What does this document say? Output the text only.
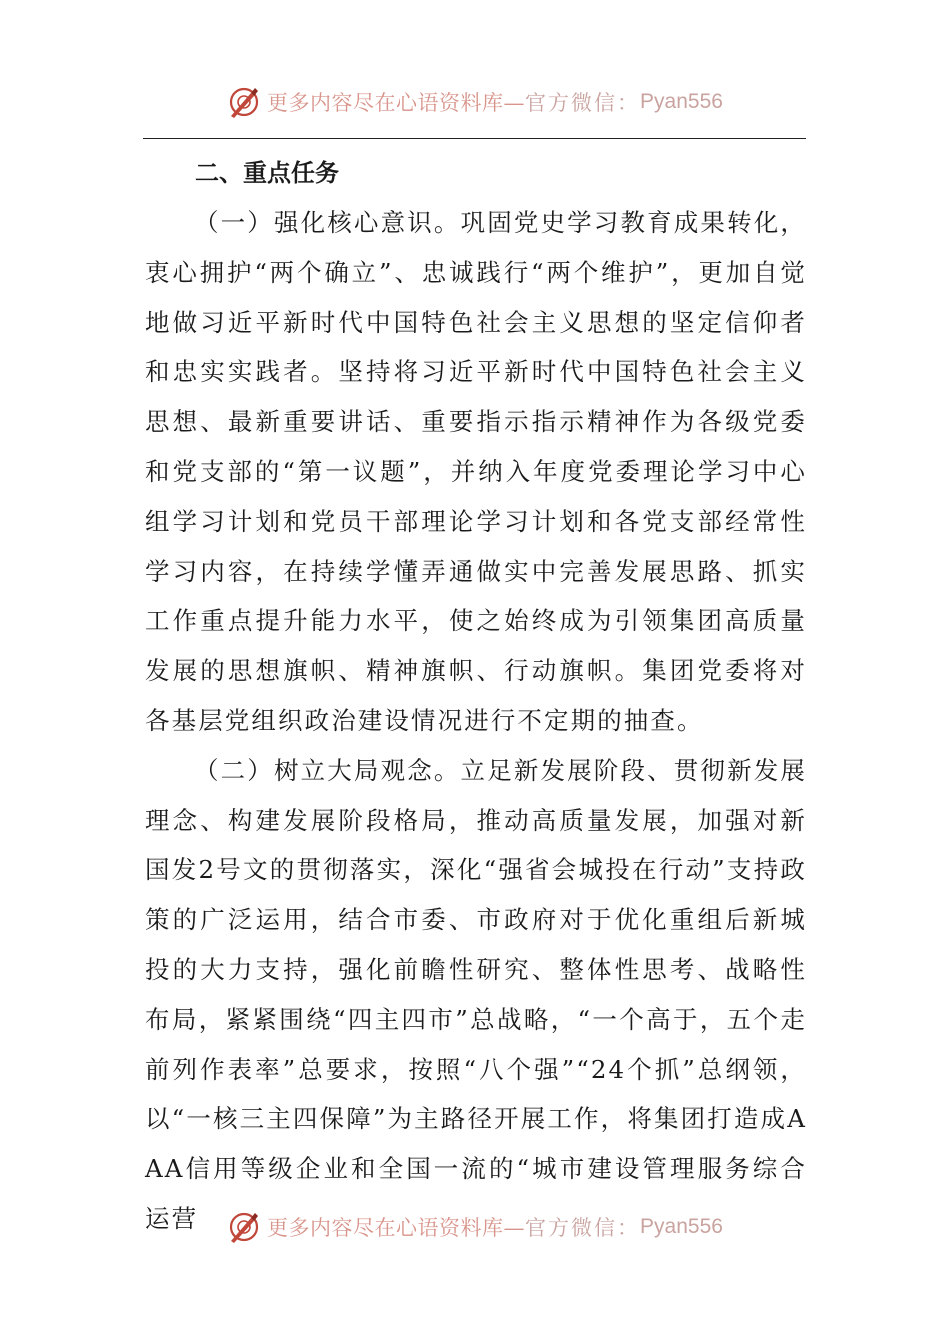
更多内容尽在心语资料库— 官方微信： Pyan556

二、重点任务

（一）强化核心意识。巩固党史学习教育成果转化，衷心拥护“两个确立”、忠诚践行“两个维护”，更加自觉地做习近平新时代中国特色社会主义思想的坚定信仰者和忠实实践者。坚持将习近平新时代中国特色社会主义思想、最新重要讲话、重要指示指示精神作为各级党委和党支部的“第一议题”，并纳入年度党委理论学习中心组学习计划和党员干部理论学习计划和各党支部经常性学习内容，在持续学懂弄通做实中完善发展思路、抓实工作重点提升能力水平，使之始终成为引领集团高质量发展的思想旗帜、精神旗帜、行动旗帜。集团党委将对各基层党组织政治建设情况进行不定期的抽查。

（二）树立大局观念。立足新发展阶段、贯彻新发展理念、构建发展阶段格局，推动高质量发展，加强对新国发2号文的贯彻落实，深化“强省会城投在行动”支持政策的广泛运用，结合市委、市政府对于优化重组后新城投的大力支持，强化前瞻性研究、整体性思考、战略性布局，紧紧围绕“四主四市”总战略，“一个高于，五个走前列作表率”总要求，按照“八个强”“24个抓”总纲领，以“一核三主四保障”为主路径开展工作，将集团打造成AAA信用等级企业和全国一流的“城市建设管理服务综合运营	更多内容尽在心语资料库— 官方微信： Pyan556
